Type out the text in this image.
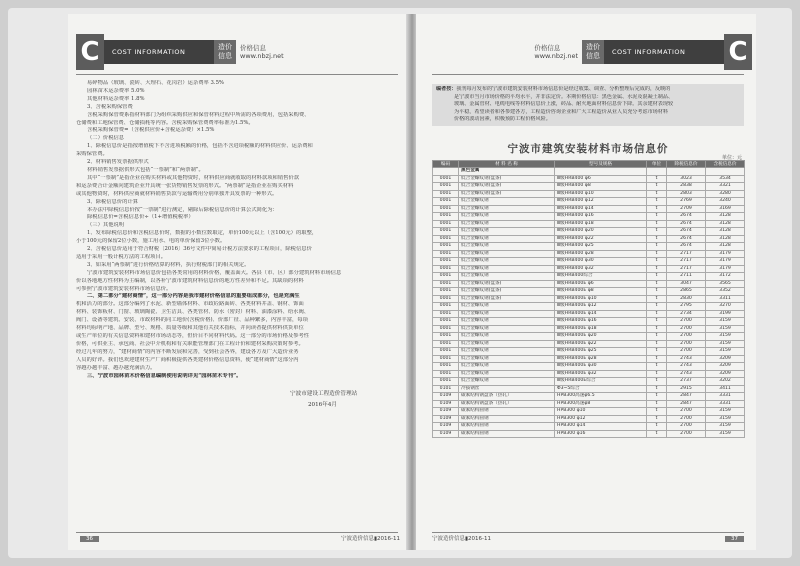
C	COST INFORMATION
造价信息
价格信息
www.nbzj.net

易碎物品（玻璃、瓷砖、大理石、花岗岩）运杂费率 3.5%

园林苗木运杂费率 5.0%

其他材料运杂费率 1.8%

3、含税采购保管费

含税采购保管费系指材料部门为组织采购供应和保管材料过程中所需的各项费用，包括采购费、

仓储费和工地保管费、仓储损耗等内容。含税采购保管费费率标准为1.5%。

含税采购保管费=（含税供应价+含税运杂费）×1.5%

（二）价税信息

1、除税信息价是指按增值税下不含进项税额的价格，包括不含进项税额的材料供应价、运杂费和

采购保管费。

2、材料销售发票据供形式

材料销售发票据供形式包括“一票制”和“两票制”。

其中“一票制”是指企业在购买材料或其他物资时，材料供应商就收取的材料款项和销售价款

和运杂费合计金额向建筑企业开具统一张货物销售发票的形式。“两票制”是指企业在购买材料

或其他物资时，材料供应商就材料销售货款与运输费用分别单独开具发票的一种形式。

3、除税信息价的计算

本办法中除税信息价按“一票制”进行测定，剔除后除税信息价的计算公式简化为：

除税信息价=含税信息价÷（1+增值税税率）

（三）其他说明

1、发布除税信息价和含税信息价时，数据的小数位数取定，单价100元以上（含100元）的取整，

小于100元的保留2位小数，施工用水、电的单价保留3位小数。

2、含税信息价适用于符合财税〔2016〕36号文件中简易计税方法要求的工程项目，除税信息价

适用于采用一般计税方法的工程项目。

3、如采用“两票制”进行价格结算的材料，执行财税部门的相关规定。

宁波市建筑安装材料市场信息价包括各类常用的材料价格，覆盖面大。各县（市、区）部分建筑材料市场信息

价以各地地方性材料为主编制，以各补宁波市建筑材料信息价的地方性差异和不足。其缺项的材料

可参照宁波市建筑安装材料市场信息价。

二、第二部分“建材商情”，这一部分内容是我市建材价格信息的重要组成部分，也是充满生

机和活力的部分。这部分编列了水泥、新型墙体材料、市政砼路面砖、各类材料井盖、钢材、饰面

材料、装饰板材、门窗、玻璃陶瓷、卫生洁具、各类管材、防水（密封）材料、油漆涂料、给水阀、

阀门、设备等建筑、安装、市政材料的同工地价(含税价格)、价部厂征、品种繁多，内容丰富，每项

材料均标明产地、品牌、型号、规格、质量等级和其他有关技术指标，并向读者提供材料供货单位

或生产单位的有关信息资料和建材市场动态等，但价目不同材料代码。这一部分的市场价格及参考性

价格，可供业主、承包商、社会中介机构和有关职能管理部门在工程计价和建材采购决策时参考。

经过几年的努力，“建材商情”的内容不断发展和完善，受到社会各界，建设各方及广大造价业务

人员的好评。我们也欢迎建材生产厂商积极提供各类建材价格信息资料，使“建材商情”这部分内

容越办越丰富、越办越充满活力。

三、宁波市园林苗木价格信息编制使用说明详见“园林苗木专刊”。

宁波市建设工程造价管理站
2016年4月
36	宁波造价信息▮2016-11
价格信息
www.nbzj.net
造价信息	COST INFORMATION	C

编者按：我刊每月发布的宁波市建筑安装材料市场信息价是经过收集、调查、分析整理后完成的，反映的

是宁波市当月市场价格的平均水平，并非法定价。本期价格信息：黑色金属、水泥及混凝土制品、

玻璃、金属管材、电缆电线等材料信息价上涨，砖品、耐火地面材料信息价下降。其余建材表现较

为平稳，希望读者和各参建各方，工程造价咨询企业和广大工程造价从业人员充分考虑市场材料

价格的波动因素，积极预防工程价格风险。

宁波市建筑安装材料市场信息价
单位：元
编码	材 料 名 称	型号及规格	单位	除税信息价	含税信息价
	黑色金属				
0001	低合金螺纹钢(盘条)	Ⅲ级HRB400 φ6	t	3023	3534
0001	低合金螺纹钢(盘条)	Ⅲ级HRB400 φ8	t	2838	3321
0001	低合金螺纹钢(盘条)	Ⅲ级HRB400 φ10	t	2803	3280
0001	低合金螺纹钢	Ⅲ级HRB400 φ12	t	2769	3240
0001	低合金螺纹钢	Ⅲ级HRB400 φ14	t	2709	3169
0001	低合金螺纹钢	Ⅲ级HRB400 φ16	t	2674	3128
0001	低合金螺纹钢	Ⅲ级HRB400 φ18	t	2674	3128
0001	低合金螺纹钢	Ⅲ级HRB400 φ20	t	2674	3128
0001	低合金螺纹钢	Ⅲ级HRB400 φ22	t	2674	3128
0001	低合金螺纹钢	Ⅲ级HRB400 φ25	t	2674	3128
0001	低合金螺纹钢	Ⅲ级HRB400 φ28	t	2717	3179
0001	低合金螺纹钢	Ⅲ级HRB400 φ30	t	2717	3179
0001	低合金螺纹钢	Ⅲ级HRB400 φ32	t	2717	3179
0001	低合金螺纹钢	Ⅲ级HRB400综合	t	2711	3172
0001	低合金螺纹钢(盘条)	Ⅲ级HRB400E φ6	t	3047	3565
0001	低合金螺纹钢(盘条)	Ⅲ级HRB400E φ8	t	2865	3352
0001	低合金螺纹钢(盘条)	Ⅲ级HRB400E φ10	t	2830	3311
0001	低合金螺纹钢	Ⅲ级HRB400E φ12	t	2795	3270
0001	低合金螺纹钢	Ⅲ级HRB400E φ14	t	2734	3199
0001	低合金螺纹钢	Ⅲ级HRB400E φ16	t	2700	3159
0001	低合金螺纹钢	Ⅲ级HRB400E φ18	t	2700	3159
0001	低合金螺纹钢	Ⅲ级HRB400E φ20	t	2700	3159
0001	低合金螺纹钢	Ⅲ级HRB400E φ22	t	2700	3159
0001	低合金螺纹钢	Ⅲ级HRB400E φ25	t	2700	3159
0001	低合金螺纹钢	Ⅲ级HRB400E φ28	t	2743	3209
0001	低合金螺纹钢	Ⅲ级HRB400E φ30	t	2743	3209
0001	低合金螺纹钢	Ⅲ级HRB400E φ32	t	2743	3209
0001	低合金螺纹钢	Ⅲ级HRB400E综合	t	2737	3202
0101	冷拔钢丝	Φ3~5综合	t	2915	3411
0109	碳素结构钢盘条（热轧）	HPB300高速φ6.5	t	2847	3331
0109	碳素结构钢盘条（热轧）	HPB300高速φ8	t	2847	3331
0109	碳素结构圆钢	HPB300 φ10	t	2700	3159
0109	碳素结构圆钢	HPB300 φ12	t	2700	3159
0109	碳素结构圆钢	HPB300 φ14	t	2700	3159
0109	碳素结构圆钢	HPB300 φ16	t	2700	3159
宁波造价信息▮2016-11	37
